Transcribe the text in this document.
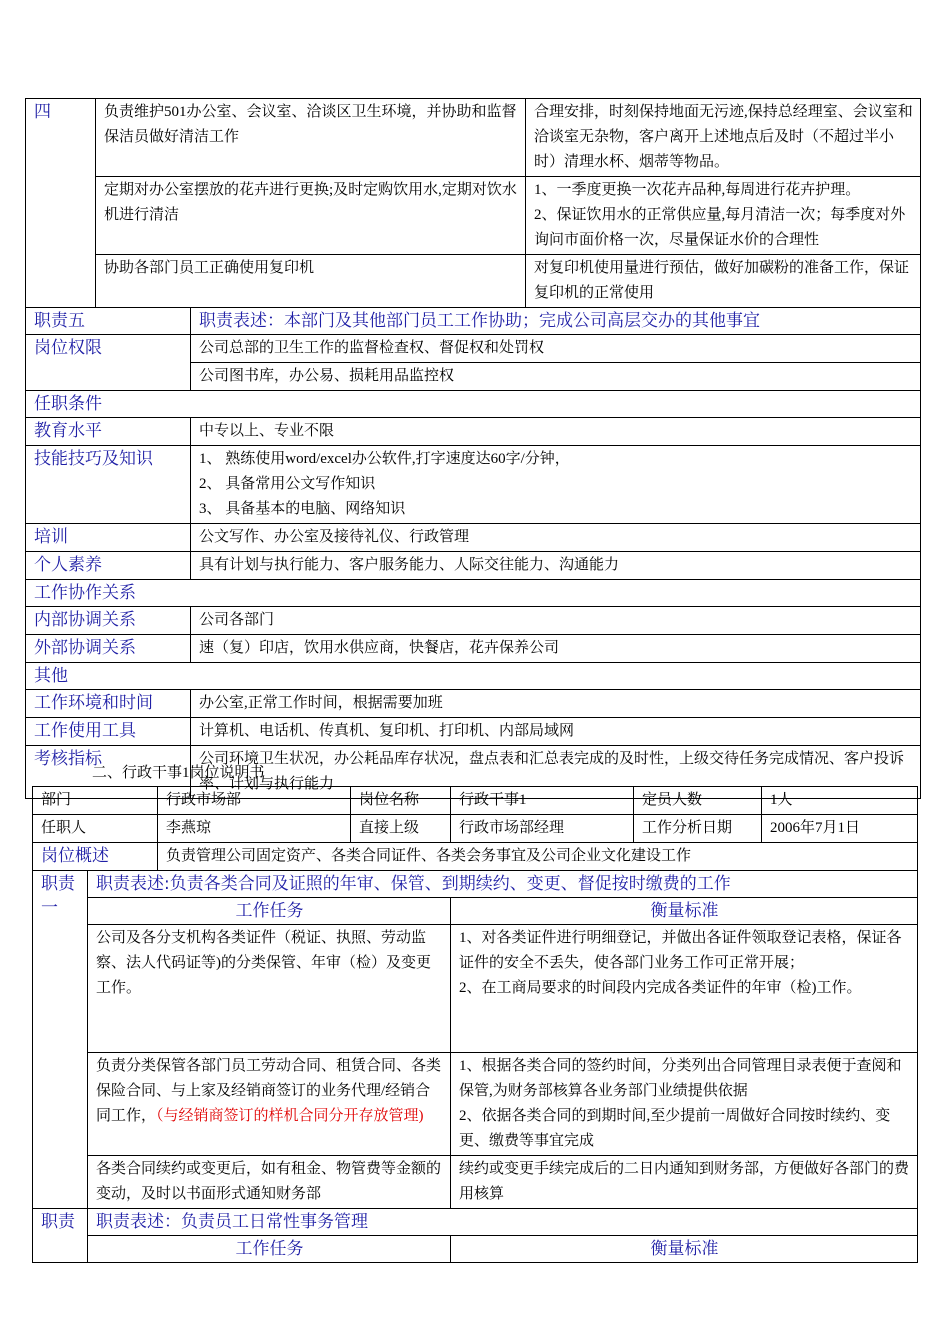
四	负责维护501办公室、会议室、洽谈区卫生环境，并协助和监督保洁员做好清洁工作		合理安排，时刻保持地面无污迹,保持总经理室、会议室和洽谈室无杂物，客户离开上述地点后及时（不超过半小时）清理水杯、烟蒂等物品。
	定期对办公室摆放的花卉进行更换;及时定购饮用水,定期对饮水机进行清洁		1、一季度更换一次花卉品种,每周进行花卉护理。
2、保证饮用水的正常供应量,每月清洁一次；每季度对外询问市面价格一次，尽量保证水价的合理性

	协助各部门员工正确使用复印机		对复印机使用量进行预估，做好加碳粉的准备工作，保证复印机的正常使用
职责五		职责表述：本部门及其他部门员工工作协助；完成公司高层交办的其他事宜	
岗位权限		公司总部的卫生工作的监督检查权、督促权和处罚权	
		公司图书库，办公易、损耗用品监控权	
任职条件			
教育水平		中专以上、专业不限	
技能技巧及知识		1、 熟练使用word/excel办公软件,打字速度达60字/分钟，
2、 具备常用公文写作知识
3、 具备基本的电脑、网络知识	

培训		公文写作、办公室及接待礼仪、行政管理	
个人素养		具有计划与执行能力、客户服务能力、人际交往能力、沟通能力	
工作协作关系			
内部协调关系		公司各部门	
外部协调关系		速（复）印店，饮用水供应商，快餐店，花卉保养公司	
其他			
工作环境和时间		办公室,正常工作时间，根据需要加班	
工作使用工具		计算机、电话机、传真机、复印机、打印机、内部局域网	
考核指标		公司环境卫生状况，办公耗品库存状况，盘点表和汇总表完成的及时性，上级交待任务完成情况、客户投诉率、计划与执行能力	
二、行政干事1岗位说明书
部门		行政市场部	岗位名称	行政干事1	定员人数	1人
任职人		李燕琼	直接上级	行政市场部经理	工作分析日期	2006年7月1日
岗位概述		负责管理公司固定资产、各类合同证件、各类会务事宜及公司企业文化建设工作				
职责一	职责表述:负责各类合同及证照的年审、保管、到期续约、变更、督促按时缴费的工作					
	工作任务			衡量标准		
	公司及各分支机构各类证件（税证、执照、劳动监察、法人代码证等)的分类保管、年审（检）及变更工作。			1、对各类证件进行明细登记，并做出各证件领取登记表格，保证各证件的安全不丢失，使各部门业务工作可正常开展；
2、在工商局要求的时间段内完成各类证件的年审（检)工作。		

	负责分类保管各部门员工劳动合同、租赁合同、各类保险合同、与上家及经销商签订的业务代理/经销合同工作，（与经销商签订的样机合同分开存放管理)			1、根据各类合同的签约时间，分类列出合同管理目录表便于查阅和保管,为财务部核算各业务部门业绩提供依据
2、依据各类合同的到期时间,至少提前一周做好合同按时续约、变更、缴费等事宜完成		

	各类合同续约或变更后，如有租金、物管费等金额的变动，及时以书面形式通知财务部			续约或变更手续完成后的二日内通知到财务部，方便做好各部门的费用核算		
职责	职责表述：负责员工日常性事务管理					
	工作任务			衡量标准		
